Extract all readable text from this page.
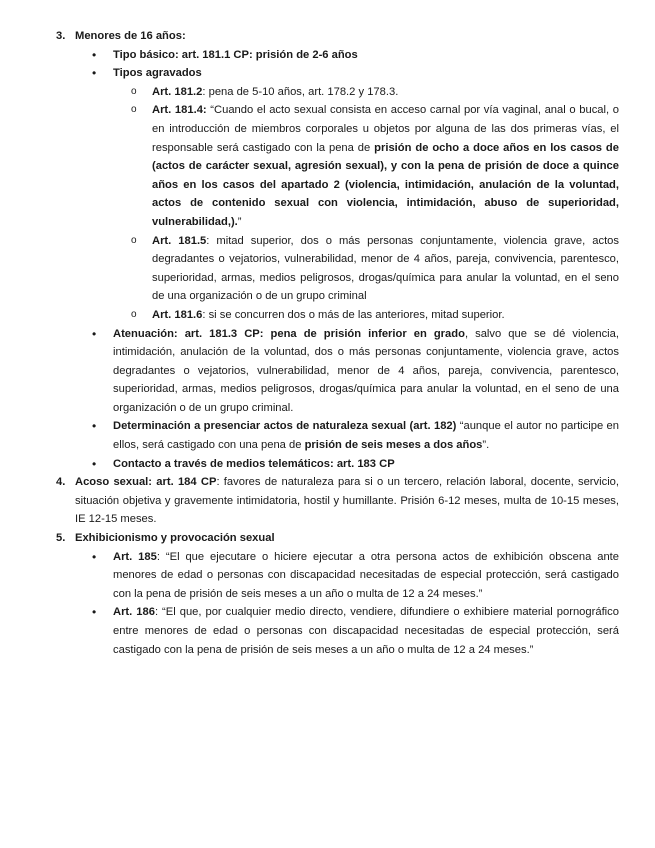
3. Menores de 16 años:
• Tipo básico: art. 181.1 CP: prisión de 2-6 años
• Tipos agravados
o Art. 181.2: pena de 5-10 años, art. 178.2 y 178.3.
o Art. 181.4: “Cuando el acto sexual consista en acceso carnal por vía vaginal, anal o bucal, o en introducción de miembros corporales u objetos por alguna de las dos primeras vías, el responsable será castigado con la pena de prisión de ocho a doce años en los casos de (actos de carácter sexual, agresión sexual), y con la pena de prisión de doce a quince años en los casos del apartado 2 (violencia, intimidación, anulación de la voluntad, actos de contenido sexual con violencia, intimidación, abuso de superioridad, vulnerabilidad,).”
o Art. 181.5: mitad superior, dos o más personas conjuntamente, violencia grave, actos degradantes o vejatorios, vulnerabilidad, menor de 4 años, pareja, convivencia, parentesco, superioridad, armas, medios peligrosos, drogas/química para anular la voluntad, en el seno de una organización o de un grupo criminal
o Art. 181.6: si se concurren dos o más de las anteriores, mitad superior.
• Atenuación: art. 181.3 CP: pena de prisión inferior en grado, salvo que se dé violencia, intimidación, anulación de la voluntad, dos o más personas conjuntamente, violencia grave, actos degradantes o vejatorios, vulnerabilidad, menor de 4 años, pareja, convivencia, parentesco, superioridad, armas, medios peligrosos, drogas/química para anular la voluntad, en el seno de una organización o de un grupo criminal.
• Determinación a presenciar actos de naturaleza sexual (art. 182) “aunque el autor no participe en ellos, será castigado con una pena de prisión de seis meses a dos años”.
• Contacto a través de medios telemáticos: art. 183 CP
4. Acoso sexual: art. 184 CP: favores de naturaleza para si o un tercero, relación laboral, docente, servicio, situación objetiva y gravemente intimidatoria, hostil y humillante. Prisión 6-12 meses, multa de 10-15 meses, IE 12-15 meses.
5. Exhibicionismo y provocación sexual
• Art. 185: “El que ejecutare o hiciere ejecutar a otra persona actos de exhibición obscena ante menores de edad o personas con discapacidad necesitadas de especial protección, será castigado con la pena de prisión de seis meses a un año o multa de 12 a 24 meses.”
• Art. 186: “El que, por cualquier medio directo, vendiere, difundiere o exhibiere material pornográfico entre menores de edad o personas con discapacidad necesitadas de especial protección, será castigado con la pena de prisión de seis meses a un año o multa de 12 a 24 meses.”
